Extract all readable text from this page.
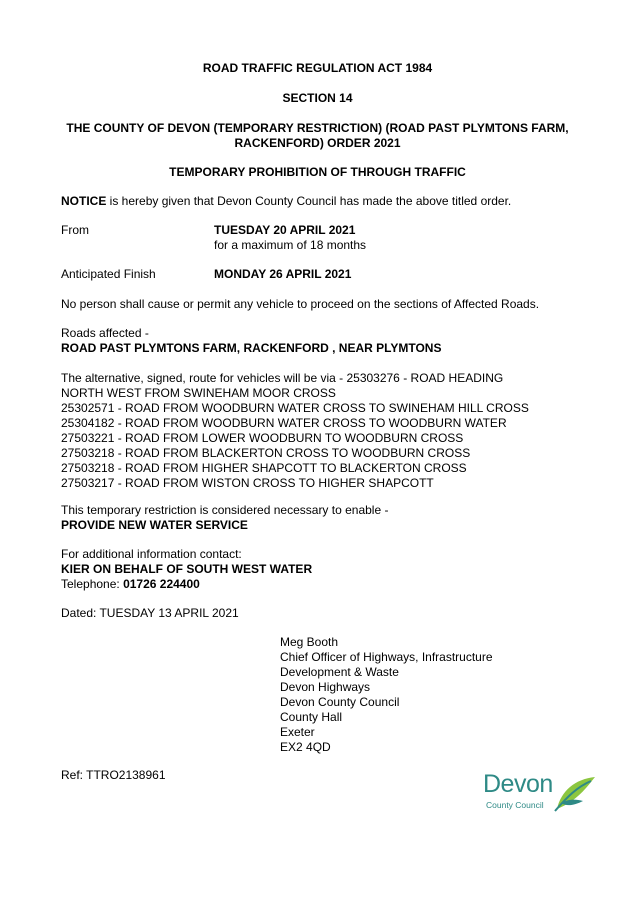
ROAD TRAFFIC REGULATION ACT 1984
SECTION 14
THE COUNTY OF DEVON (TEMPORARY RESTRICTION) (ROAD PAST PLYMTONS FARM,
RACKENFORD) ORDER 2021
TEMPORARY PROHIBITION OF THROUGH TRAFFIC
NOTICE is hereby given that Devon County Council has made the above titled order.
From	TUESDAY 20 APRIL 2021
for a maximum of 18 months
Anticipated Finish	MONDAY 26 APRIL 2021
No person shall cause or permit any vehicle to proceed on the sections of Affected Roads.
Roads affected -
ROAD PAST PLYMTONS FARM, RACKENFORD , NEAR PLYMTONS
The alternative, signed, route for vehicles will be via - 25303276 - ROAD HEADING
NORTH WEST FROM SWINEHAM MOOR CROSS
25302571 - ROAD FROM WOODBURN WATER CROSS TO SWINEHAM HILL CROSS
25304182 - ROAD FROM WOODBURN WATER CROSS TO WOODBURN WATER
27503221 - ROAD FROM LOWER WOODBURN TO WOODBURN CROSS
27503218 - ROAD FROM BLACKERTON CROSS TO WOODBURN CROSS
27503218 - ROAD FROM HIGHER SHAPCOTT TO BLACKERTON CROSS
27503217 - ROAD FROM WISTON CROSS TO HIGHER SHAPCOTT
This temporary restriction is considered necessary to enable -
PROVIDE NEW WATER SERVICE
For additional information contact:
KIER ON BEHALF OF SOUTH WEST WATER
Telephone: 01726 224400
Dated: TUESDAY 13 APRIL 2021
Meg Booth
Chief Officer of Highways, Infrastructure
Development & Waste
Devon Highways
Devon County Council
County Hall
Exeter
EX2 4QD
Ref: TTRO2138961	Devon
County Council
